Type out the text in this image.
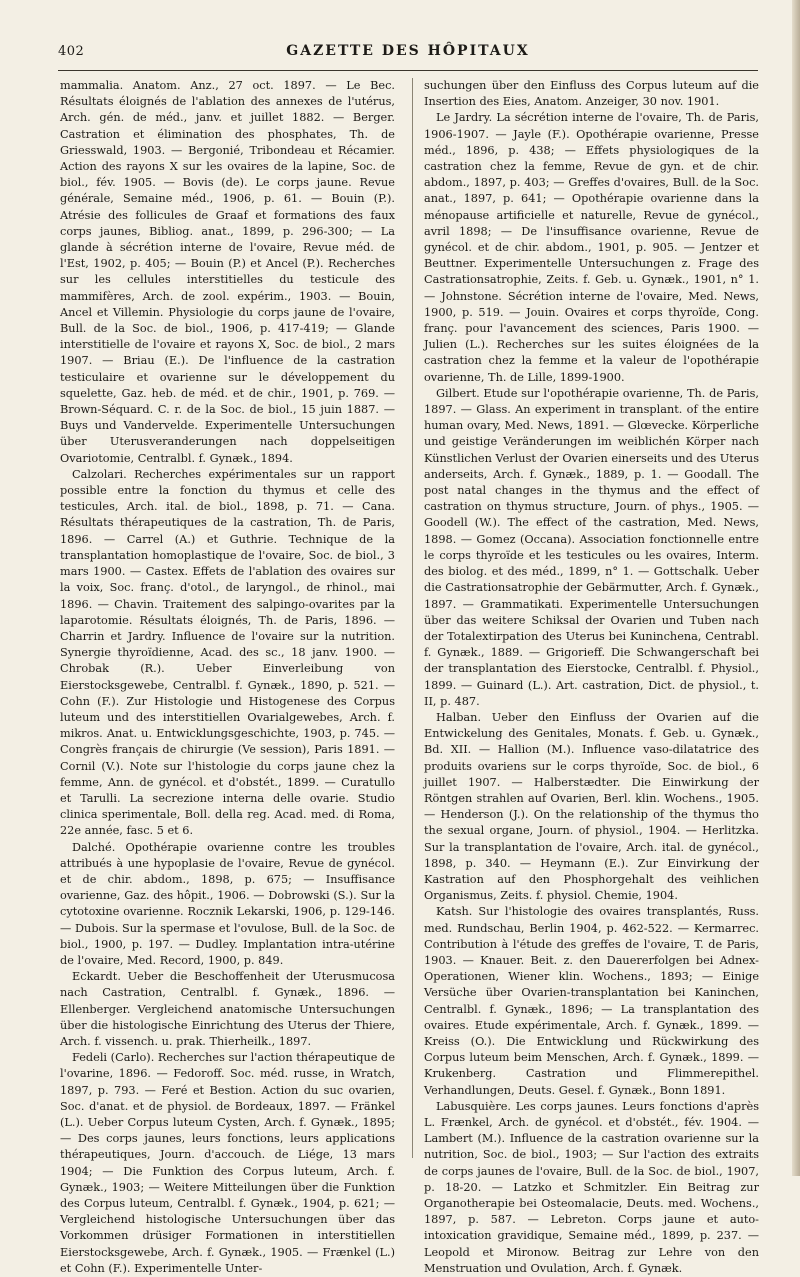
402	GAZETTE DES HÔPITAUX

mammalia. Anatom. Anz., 27 oct. 1897. — Le Bec. Résultats éloignés de l'ablation des annexes de l'utérus, Arch. gén. de méd., janv. et juillet 1882. — Berger. Castration et élimination des phosphates, Th. de Griesswald, 1903. — Bergonié, Tribondeau et Récamier. Action des rayons X sur les ovaires de la lapine, Soc. de biol., fév. 1905. — Bovis (de). Le corps jaune. Revue générale, Semaine méd., 1906, p. 61. — Bouin (P.). Atrésie des follicules de Graaf et formations des faux corps jaunes, Bibliog. anat., 1899, p. 296-300; — La glande à sécrétion interne de l'ovaire, Revue méd. de l'Est, 1902, p. 405; — Bouin (P.) et Ancel (P.). Recherches sur les cellules interstitielles du testicule des mammifères, Arch. de zool. expérim., 1903. — Bouin, Ancel et Villemin. Physiologie du corps jaune de l'ovaire, Bull. de la Soc. de biol., 1906, p. 417-419; — Glande interstitielle de l'ovaire et rayons X, Soc. de biol., 2 mars 1907. — Briau (E.). De l'influence de la castration testiculaire et ovarienne sur le développement du squelette, Gaz. heb. de méd. et de chir., 1901, p. 769. — Brown-Séquard. C. r. de la Soc. de biol., 15 juin 1887. — Buys und Vandervelde. Experimentelle Untersuchungen über Uterusveranderungen nach doppelseitigen Ovariotomie, Centralbl. f. Gynæk., 1894.

Calzolari. Recherches expérimentales sur un rapport possible entre la fonction du thymus et celle des testicules, Arch. ital. de biol., 1898, p. 71. — Cana. Résultats thérapeutiques de la castration, Th. de Paris, 1896. — Carrel (A.) et Guthrie. Technique de la transplantation homoplastique de l'ovaire, Soc. de biol., 3 mars 1900. — Castex. Effets de l'ablation des ovaires sur la voix, Soc. franç. d'otol., de laryngol., de rhinol., mai 1896. — Chavin. Traitement des salpingo-ovarites par la laparotomie. Résultats éloignés, Th. de Paris, 1896. — Charrin et Jardry. Influence de l'ovaire sur la nutrition. Synergie thyroïdienne, Acad. des sc., 18 janv. 1900. — Chrobak (R.). Ueber Einverleibung von Eierstocksgewebe, Centralbl. f. Gynæk., 1890, p. 521. — Cohn (F.). Zur Histologie und Histogenese des Corpus luteum und des interstitiellen Ovarialgewebes, Arch. f. mikros. Anat. u. Entwicklungsgeschichte, 1903, p. 745. — Congrès français de chirurgie (Ve session), Paris 1891. — Cornil (V.). Note sur l'histologie du corps jaune chez la femme, Ann. de gynécol. et d'obstét., 1899. — Curatullo et Tarulli. La secrezione interna delle ovarie. Studio clinica sperimentale, Boll. della reg. Acad. med. di Roma, 22e année, fasc. 5 et 6.

Dalché. Opothérapie ovarienne contre les troubles attribués à une hypoplasie de l'ovaire, Revue de gynécol. et de chir. abdom., 1898, p. 675; — Insuffisance ovarienne, Gaz. des hôpit., 1906. — Dobrowski (S.). Sur la cytotoxine ovarienne. Rocznik Lekarski, 1906, p. 129-146. — Dubois. Sur la spermase et l'ovulose, Bull. de la Soc. de biol., 1900, p. 197. — Dudley. Implantation intra-utérine de l'ovaire, Med. Record, 1900, p. 849.

Eckardt. Ueber die Beschoffenheit der Uterusmucosa nach Castration, Centralbl. f. Gynæk., 1896. — Ellenberger. Vergleichend anatomische Untersuchungen über die histologische Einrichtung des Uterus der Thiere, Arch. f. vissench. u. prak. Thierheilk., 1897.

Fedeli (Carlo). Recherches sur l'action thérapeutique de l'ovarine, 1896. — Fedoroff. Soc. méd. russe, in Wratch, 1897, p. 793. — Feré et Bestion. Action du suc ovarien, Soc. d'anat. et de physiol. de Bordeaux, 1897. — Fränkel (L.). Ueber Corpus luteum Cysten, Arch. f. Gynæk., 1895; — Des corps jaunes, leurs fonctions, leurs applications thérapeutiques, Journ. d'accouch. de Liége, 13 mars 1904; — Die Funktion des Corpus luteum, Arch. f. Gynæk., 1903; — Weitere Mitteilungen über die Funktion des Corpus luteum, Centralbl. f. Gynæk., 1904, p. 621; — Vergleichend histologische Untersuchungen über das Vorkommen drüsiger Formationen in interstitiellen Eierstocksgewebe, Arch. f. Gynæk., 1905. — Frænkel (L.) et Cohn (F.). Experimentelle Unter-

suchungen über den Einfluss des Corpus luteum auf die Insertion des Eies, Anatom. Anzeiger, 30 nov. 1901.

Le Jardry. La sécrétion interne de l'ovaire, Th. de Paris, 1906-1907. — Jayle (F.). Opothérapie ovarienne, Presse méd., 1896, p. 438; — Effets physiologiques de la castration chez la femme, Revue de gyn. et de chir. abdom., 1897, p. 403; — Greffes d'ovaires, Bull. de la Soc. anat., 1897, p. 641; — Opothérapie ovarienne dans la ménopause artificielle et naturelle, Revue de gynécol., avril 1898; — De l'insuffisance ovarienne, Revue de gynécol. et de chir. abdom., 1901, p. 905. — Jentzer et Beuttner. Experimentelle Untersuchungen z. Frage des Castrationsatrophie, Zeits. f. Geb. u. Gynæk., 1901, n° 1. — Johnstone. Sécrétion interne de l'ovaire, Med. News, 1900, p. 519. — Jouin. Ovaires et corps thyroïde, Cong. franç. pour l'avancement des sciences, Paris 1900. — Julien (L.). Recherches sur les suites éloignées de la castration chez la femme et la valeur de l'opothérapie ovarienne, Th. de Lille, 1899-1900.

Gilbert. Etude sur l'opothérapie ovarienne, Th. de Paris, 1897. — Glass. An experiment in transplant. of the entire human ovary, Med. News, 1891. — Glœvecke. Körperliche und geistige Veränderungen im weiblichén Körper nach Künstlichen Verlust der Ovarien einerseits und des Uterus anderseits, Arch. f. Gynæk., 1889, p. 1. — Goodall. The post natal changes in the thymus and the effect of castration on thymus structure, Journ. of phys., 1905. — Goodell (W.). The effect of the castration, Med. News, 1898. — Gomez (Occana). Association fonctionnelle entre le corps thyroïde et les testicules ou les ovaires, Interm. des biolog. et des méd., 1899, n° 1. — Gottschalk. Ueber die Castrationsatrophie der Gebärmutter, Arch. f. Gynæk., 1897. — Grammatikati. Experimentelle Untersuchungen über das weitere Schiksal der Ovarien und Tuben nach der Totalextirpation des Uterus bei Kuninchena, Centrabl. f. Gynæk., 1889. — Grigorieff. Die Schwangerschaft bei der transplantation des Eierstocke, Centralbl. f. Physiol., 1899. — Guinard (L.). Art. castration, Dict. de physiol., t. II, p. 487.

Halban. Ueber den Einfluss der Ovarien auf die Entwickelung des Genitales, Monats. f. Geb. u. Gynæk., Bd. XII. — Hallion (M.). Influence vaso-dilatatrice des produits ovariens sur le corps thyroïde, Soc. de biol., 6 juillet 1907. — Halberstædter. Die Einwirkung der Röntgen strahlen auf Ovarien, Berl. klin. Wochens., 1905. — Henderson (J.). On the relationship of the thymus tho the sexual organe, Journ. of physiol., 1904. — Herlitzka. Sur la transplantation de l'ovaire, Arch. ital. de gynécol., 1898, p. 340. — Heymann (E.). Zur Einvirkung der Kastration auf den Phosphorgehalt des veihlichen Organismus, Zeits. f. physiol. Chemie, 1904.

Katsh. Sur l'histologie des ovaires transplantés, Russ. med. Rundschau, Berlin 1904, p. 462-522. — Kermarrec. Contribution à l'étude des greffes de l'ovaire, T. de Paris, 1903. — Knauer. Beit. z. den Dauererfolgen bei Adnex-Operationen, Wiener klin. Wochens., 1893; — Einige Versüche über Ovarien-transplantation bei Kaninchen, Centralbl. f. Gynæk., 1896; — La transplantation des ovaires. Etude expérimentale, Arch. f. Gynæk., 1899. — Kreiss (O.). Die Entwicklung und Rückwirkung des Corpus luteum beim Menschen, Arch. f. Gynæk., 1899. — Krukenberg. Castration und Flimmerepithel. Verhandlungen, Deuts. Gesel. f. Gynæk., Bonn 1891.

Labusquière. Les corps jaunes. Leurs fonctions d'après L. Frænkel, Arch. de gynécol. et d'obstét., fév. 1904. — Lambert (M.). Influence de la castration ovarienne sur la nutrition, Soc. de biol., 1903; — Sur l'action des extraits de corps jaunes de l'ovaire, Bull. de la Soc. de biol., 1907, p. 18-20. — Latzko et Schmitzler. Ein Beitrag zur Organotherapie bei Osteomalacie, Deuts. med. Wochens., 1897, p. 587. — Lebreton. Corps jaune et auto-intoxication gravidique, Semaine méd., 1899, p. 237. — Leopold et Mironow. Beitrag zur Lehre von den Menstruation und Ovulation, Arch. f. Gynæk.
